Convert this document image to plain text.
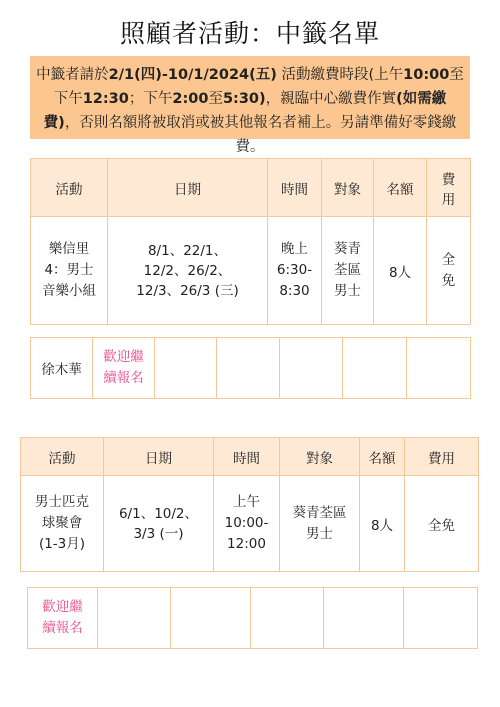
照顧者活動：中籤名單
中籤者請於2/1(四)-10/1/2024(五) 活動繳費時段(上午10:00至下午12:30；下午2:00至5:30)，親臨中心繳費作實(如需繳費)，否則名額將被取消或被其他報名者補上。另請準備好零錢繳費。
活動	日期	時間	對象	名額	費用
樂信里4：男士音樂小組	8/1、22/1、12/2、26/2、12/3、26/3 (三)	晚上 6:30-8:30	葵青荃區男士	8人	全免
徐木華	歡迎繼續報名					
活動	日期	時間	對象	名額	費用
男士匹克球聚會 (1-3月)	6/1、10/2、3/3 (一)	上午 10:00-12:00	葵青荃區男士	8人	全免
歡迎繼續報名					
